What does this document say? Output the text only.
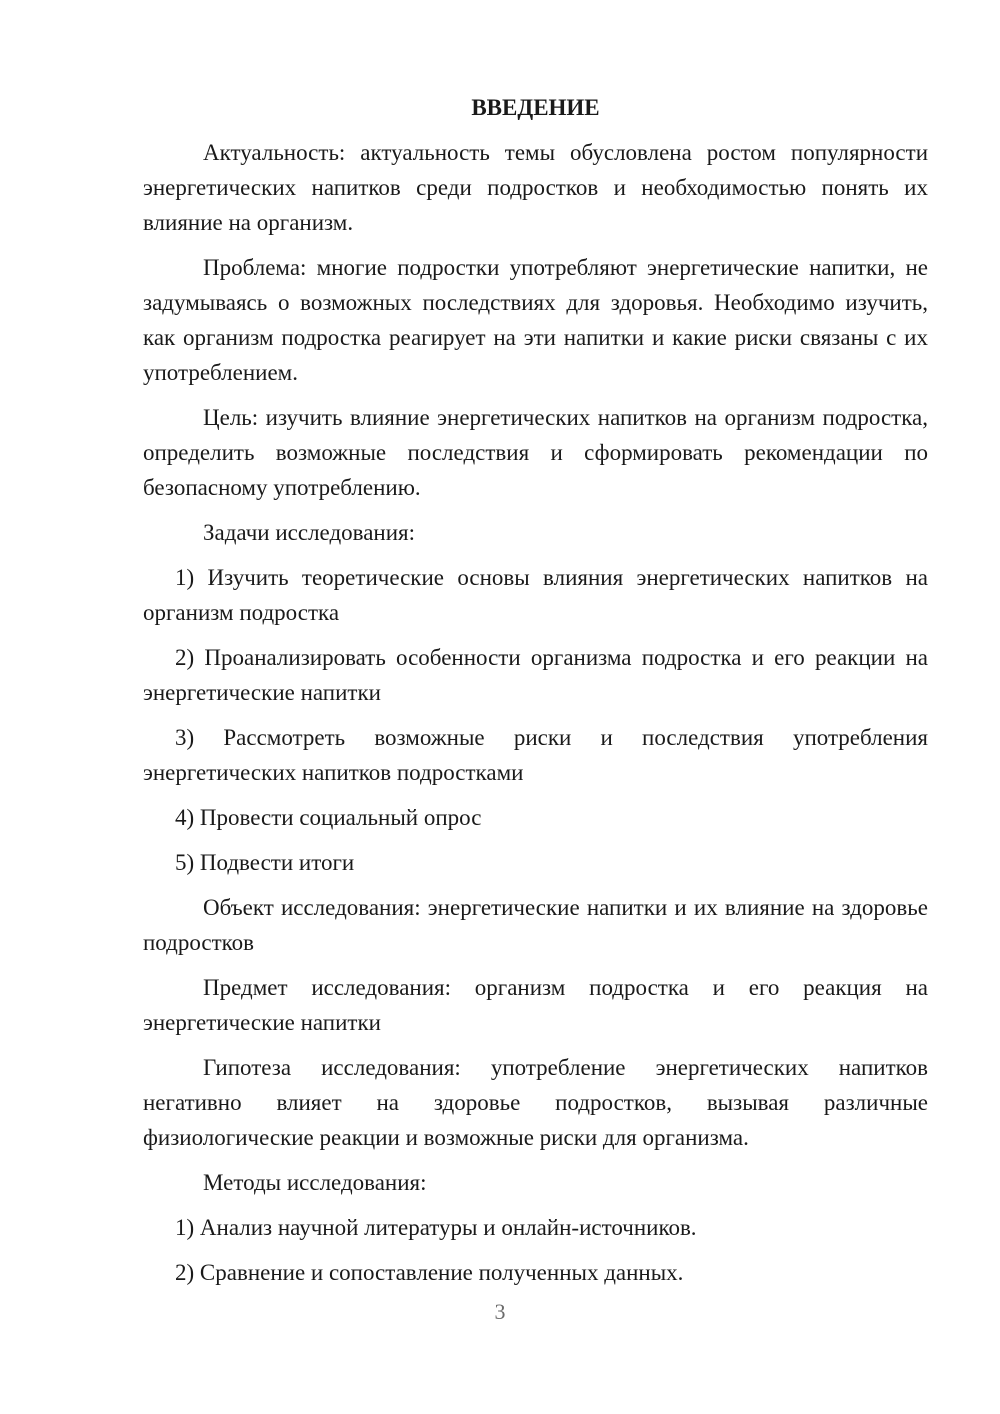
ВВЕДЕНИЕ
Актуальность: актуальность темы обусловлена ростом популярности энергетических напитков среди подростков и необходимостью понять их влияние на организм.
Проблема: многие подростки употребляют энергетические напитки, не задумываясь о возможных последствиях для здоровья. Необходимо изучить, как организм подростка реагирует на эти напитки и какие риски связаны с их употреблением.
Цель: изучить влияние энергетических напитков на организм подростка, определить возможные последствия и сформировать рекомендации по безопасному употреблению.
Задачи исследования:
1) Изучить теоретические основы влияния энергетических напитков на организм подростка
2) Проанализировать особенности организма подростка и его реакции на энергетические напитки
3) Рассмотреть возможные риски и последствия употребления энергетических напитков подростками
4) Провести социальный опрос
5) Подвести итоги
Объект исследования: энергетические напитки и их влияние на здоровье подростков
Предмет исследования: организм подростка и его реакция на энергетические напитки
Гипотеза исследования: употребление энергетических напитков негативно влияет на здоровье подростков, вызывая различные физиологические реакции и возможные риски для организма.
Методы исследования:
1) Анализ научной литературы и онлайн-источников.
2) Сравнение и сопоставление полученных данных.
3
